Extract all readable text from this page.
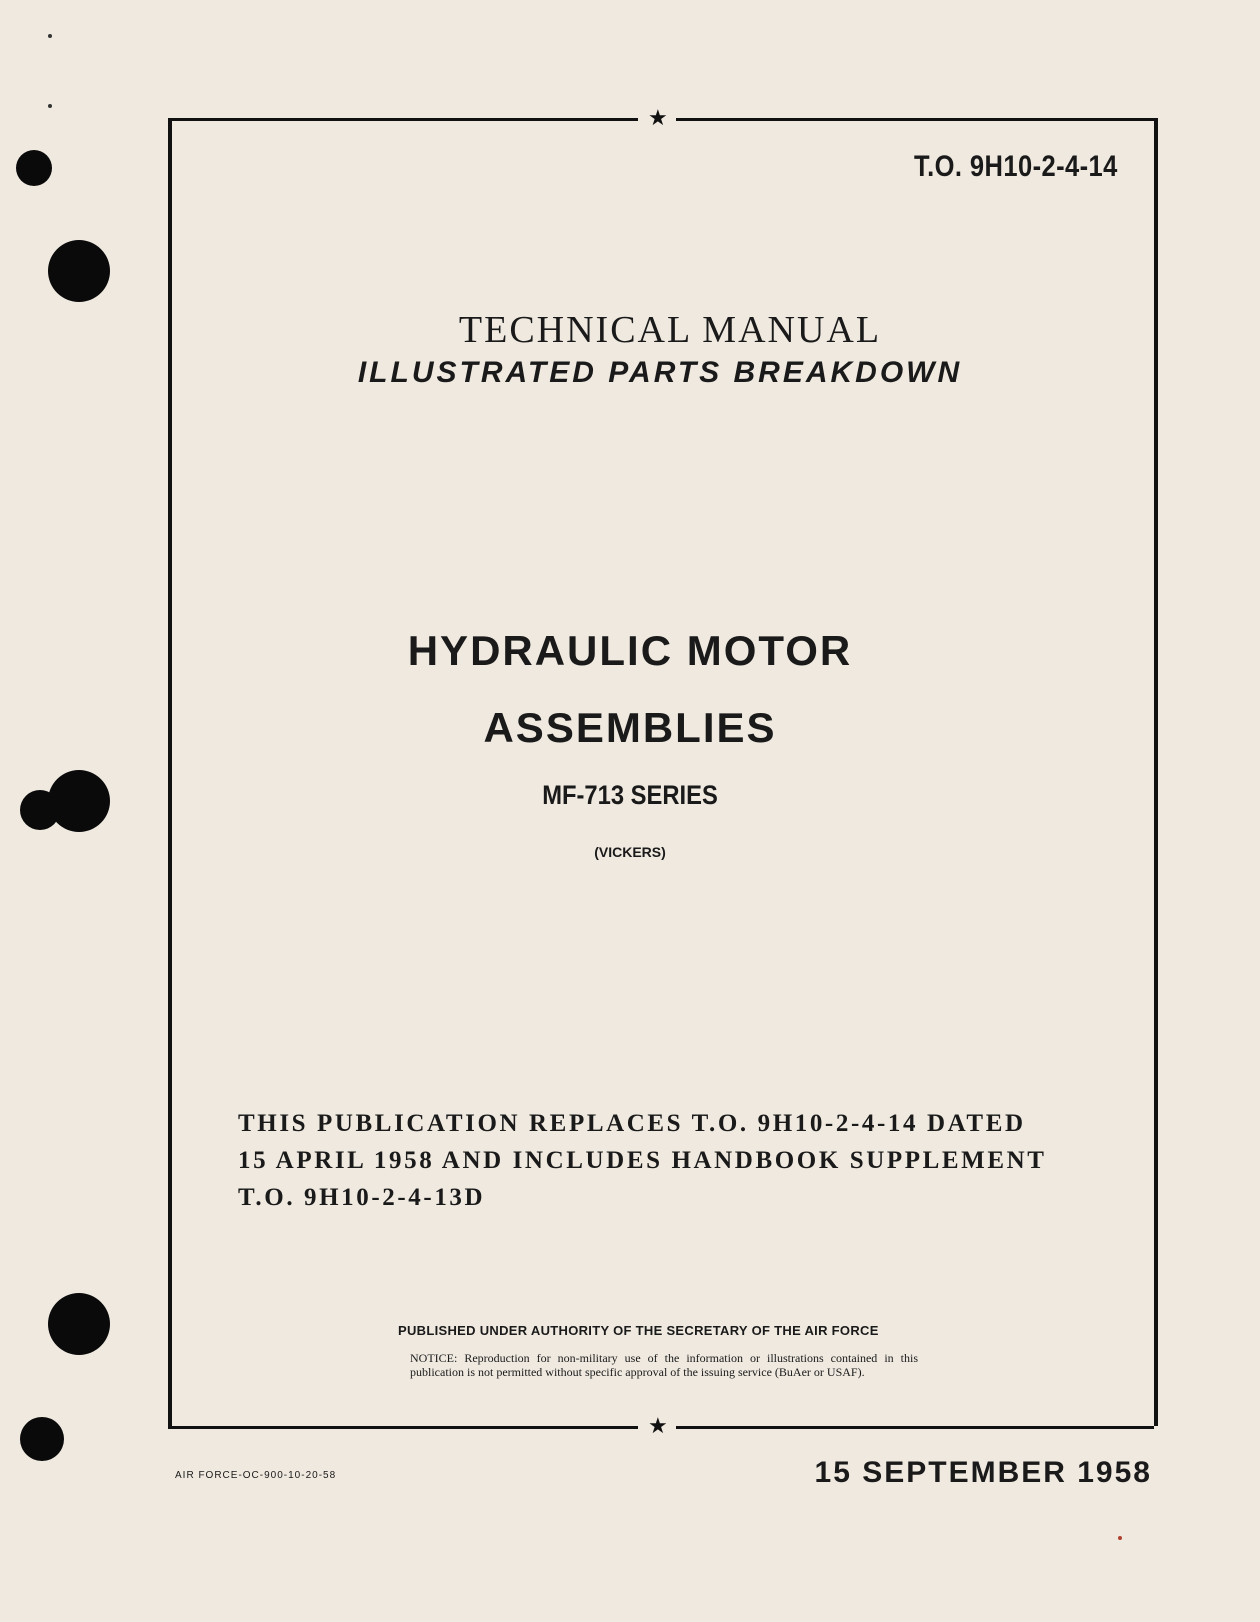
★
★
T.O. 9H10-2-4-14
TECHNICAL MANUAL
ILLUSTRATED PARTS BREAKDOWN
HYDRAULIC MOTOR
ASSEMBLIES
MF-713 SERIES
(VICKERS)
THIS PUBLICATION REPLACES T.O. 9H10-2-4-14 DATED
15 APRIL 1958 AND INCLUDES HANDBOOK SUPPLEMENT
T.O. 9H10-2-4-13D
PUBLISHED UNDER AUTHORITY OF THE SECRETARY OF THE AIR FORCE
NOTICE: Reproduction for non-military use of the information or illustrations contained in this publication is not permitted without specific approval of the issuing service (BuAer or USAF).
AIR FORCE-OC-900-10-20-58	15 SEPTEMBER 1958
